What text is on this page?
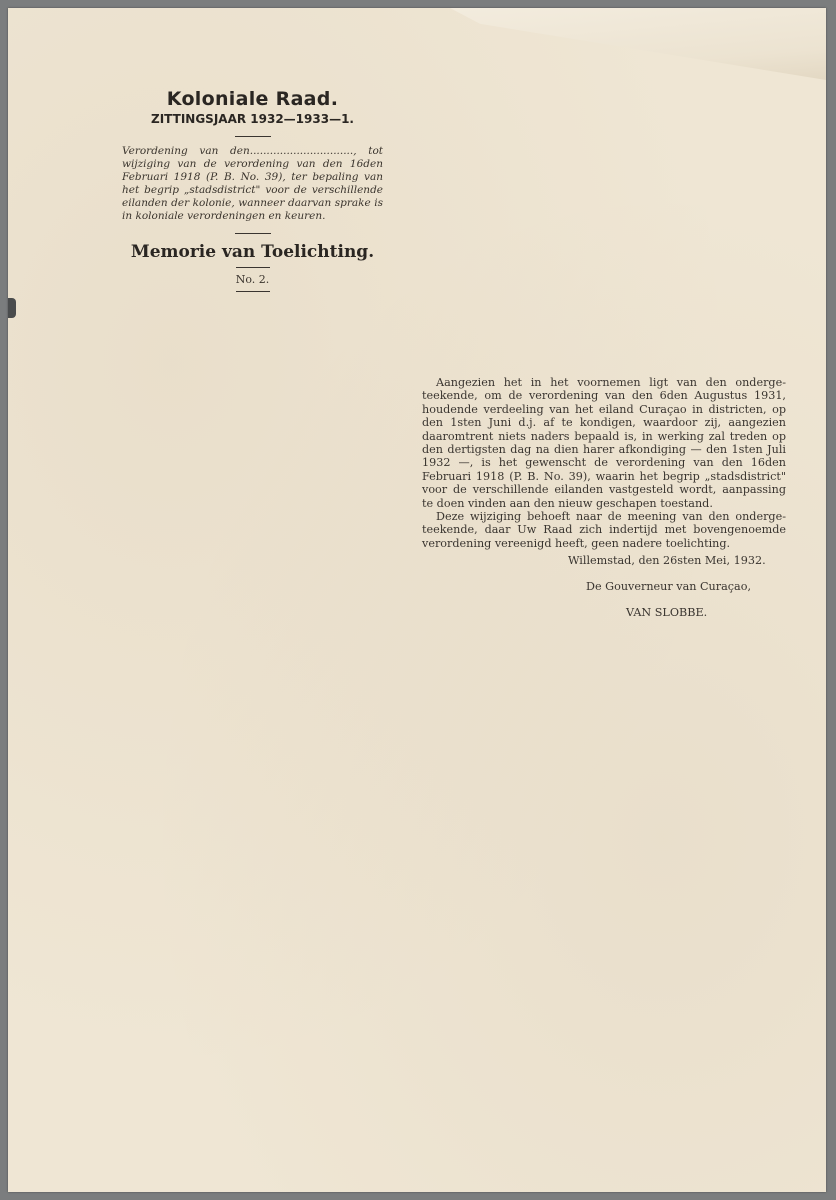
Koloniale Raad.
ZITTINGSJAAR 1932—1933—1.
Verordening van den..............................., tot wijziging van de verordening van den 16den Februari 1918 (P. B. No. 39), ter bepaling van het begrip „stadsdistrict" voor de verschillende eilanden der kolonie, wanneer daarvan sprake is in koloniale verordeningen en keuren.
Memorie van Toelichting.
No. 2.

Aangezien het in het voornemen ligt van den ondergeteekende, om de verordening van den 6den Augustus 1931, houdende verdeeling van het eiland Curaçao in districten, op den 1sten Juni d.j. af te kondigen, waardoor zij, aangezien daaromtrent niets naders bepaald is, in werking zal treden op den dertigsten dag na dien harer afkondiging — den 1sten Juli 1932 —, is het gewenscht de verordening van den 16den Februari 1918 (P. B. No. 39), waarin het begrip „stadsdistrict" voor de verschillende eilanden vastgesteld wordt, aanpassing te doen vinden aan den nieuw geschapen toestand.

Deze wijziging behoeft naar de meening van den ondergeteekende, daar Uw Raad zich indertijd met bovengenoemde verordening vereenigd heeft, geen nadere toelichting.

Willemstad, den 26sten Mei, 1932.
De Gouverneur van Curaçao,
VAN SLOBBE.
